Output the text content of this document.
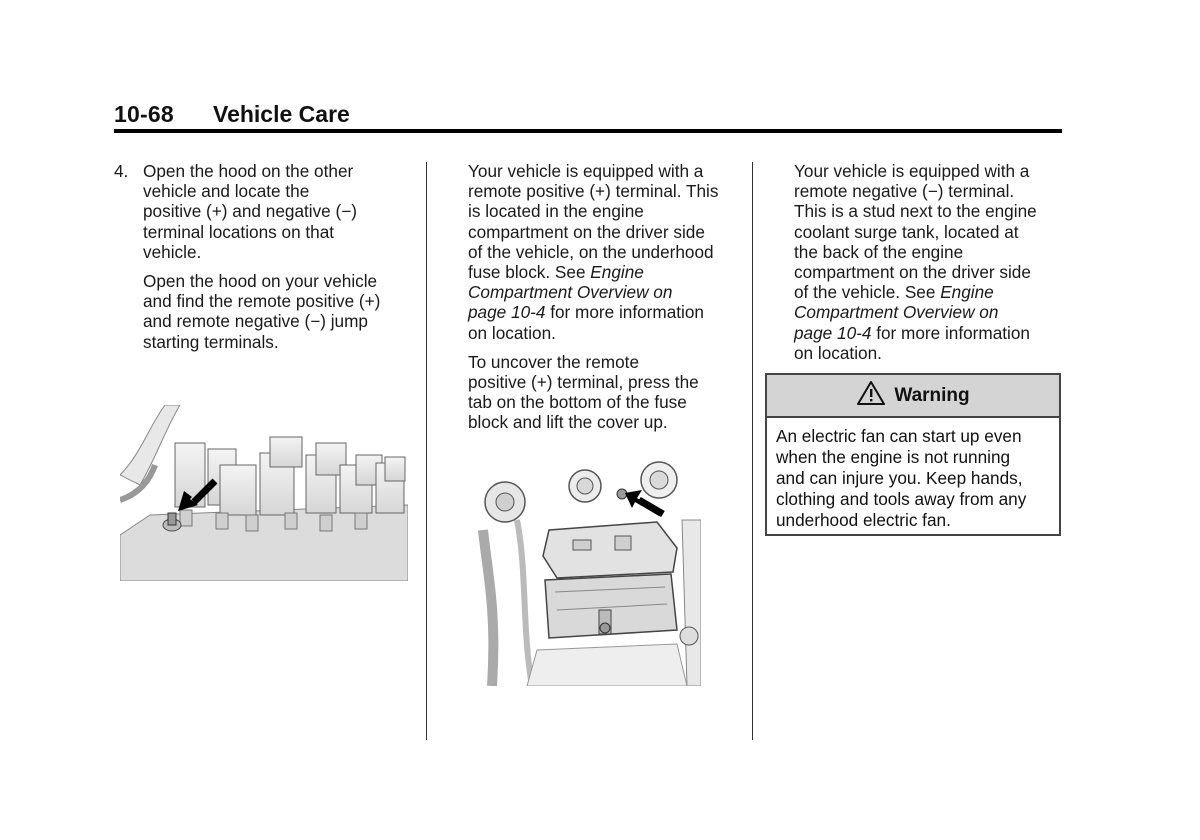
10-68 Vehicle Care
4. Open the hood on the other
vehicle and locate the
positive (+) and negative (−)
terminal locations on that
vehicle.

Open the hood on your vehicle
and find the remote positive (+)
and remote negative (−) jump
starting terminals.

Your vehicle is equipped with a
remote positive (+) terminal. This
is located in the engine
compartment on the driver side
of the vehicle, on the underhood
fuse block. See Engine
Compartment Overview on
page 10-4 for more information
on location.

To uncover the remote
positive (+) terminal, press the
tab on the bottom of the fuse
block and lift the cover up.

Your vehicle is equipped with a
remote negative (−) terminal.
This is a stud next to the engine
coolant surge tank, located at
the back of the engine
compartment on the driver side
of the vehicle. See Engine
Compartment Overview on
page 10-4 for more information
on location.

Warning
An electric fan can start up even
when the engine is not running
and can injure you. Keep hands,
clothing and tools away from any
underhood electric fan.
